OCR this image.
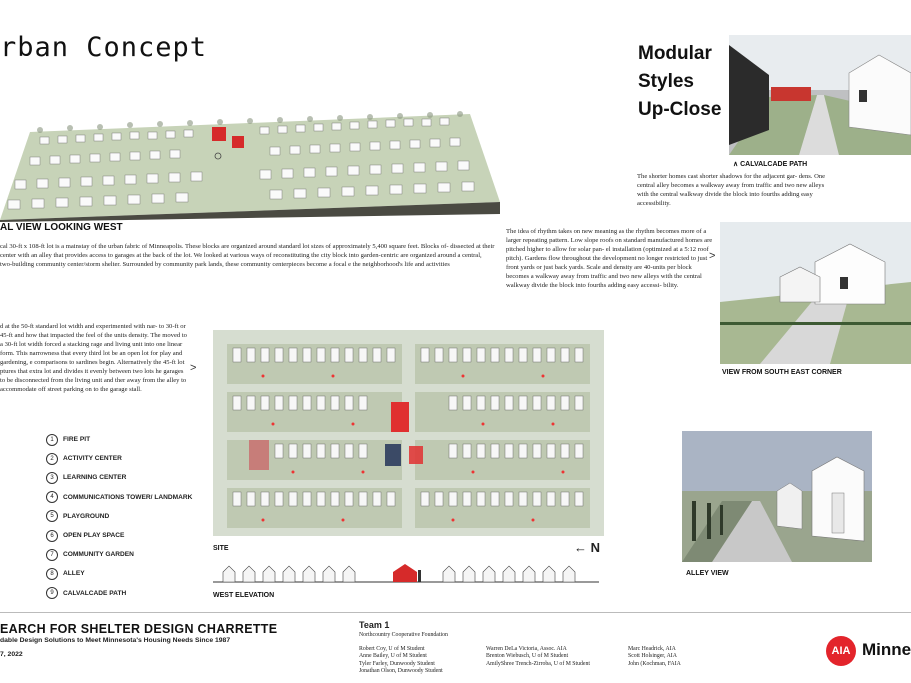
rban Concept
AL VIEW LOOKING WEST
cal 30-ft x 108-ft lot is a mainstay of the urban fabric of Minneapolis. These blocks are organized around standard lot sizes of approximately 5,400 square feet. Blocks of- dissected at their center with an alley that provides access to garages at the back of the lot. We looked at various ways of reconstituting the city block into garden-centric are organized around a central, two-building community center/storm shelter. Surrounded by community park lands, these community centerpieces become a focal e the neighborhood's life and activities
Modular
Styles
Up-Close
∧ CALVALCADE PATH
The shorter homes cast shorter shadows for the adjacent gar- dens. One central alley becomes a walkway away from traffic and two new alleys with the central walkway divide the block into fourths adding easy accessibility.
The idea of rhythm takes on new meaning as the rhythm becomes more of a larger repeating pattern. Low slope roofs on standard manufactured homes are pitched higher to allow for solar pan- el installation (optimized at a 5:12 roof pitch). Gardens flow throughout the development no longer restricted to just front yards or just back yards. Scale and density are 40-units per block becomes a walkway away from traffic and two new alleys with the central walkway divide the block into fourths adding easy accessi- bility.
>
VIEW FROM SOUTH EAST CORNER
d at the 50-ft standard lot width and experimented with nar- to 30-ft or 45-ft and how that impacted the feel of the units density. The moved to a 30-ft lot width forced a stacking rage and living unit into one linear form. This narrowness that every third lot be an open lot for play and gardening, e comparisons to sardines begin. Alternatively the 45-ft lot ptures that extra lot and divides it evenly between two lots he garages to be disconnected from the living unit and ther away from the alley to accommodate off street parking on to the garage stall.
>
SITE	← N
1	FIRE PIT
2	ACTIVITY CENTER
3	LEARNING CENTER
4	COMMUNICATIONS TOWER/ LANDMARK
5	PLAYGROUND
6	OPEN PLAY SPACE
7	COMMUNITY GARDEN
8	ALLEY
9	CALVALCADE PATH	WEST ELEVATION
ALLEY VIEW
EARCH FOR SHELTER DESIGN CHARRETTE
dable Design Solutions to Meet Minnesota's Housing Needs Since 1987
7, 2022
Team 1
Northcountry Cooperative Foundation
Robert Coy, U of M Student
Anne Bailey, U of M Student
Tyler Farley, Dunwoody Student
Jonathan Olson, Dunwoody Student
Warren DeLa Victoria, Assoc. AIA
Brenton Wiebusch, U of M Student
AmilyShree Trench-Zirroba, U of M Student
Marc Headrick, AIA
Scott Holsinger, AIA
John (Kochman, FAIA
AIA Minne
